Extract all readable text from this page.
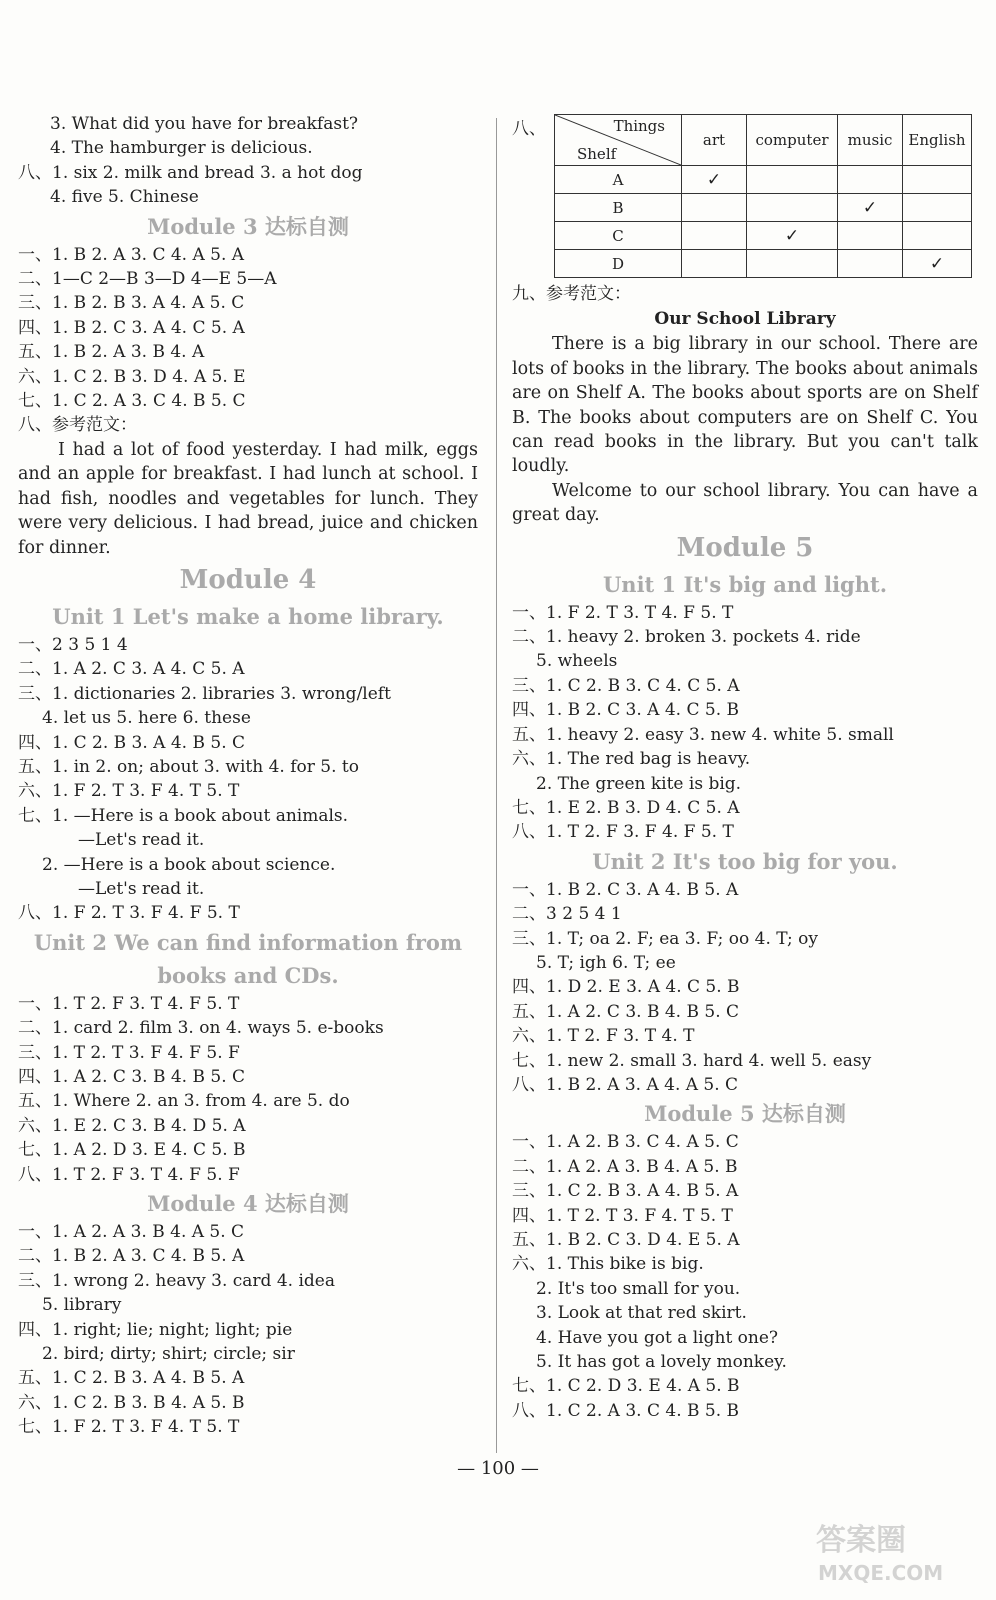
3. What did you have for breakfast?
4. The hamburger is delicious.
八、1. six 2. milk and bread 3. a hot dog
4. five 5. Chinese
Module 3 达标自测
一、1. B 2. A 3. C 4. A 5. A
二、1—C 2—B 3—D 4—E 5—A
三、1. B 2. B 3. A 4. A 5. C
四、1. B 2. C 3. A 4. C 5. A
五、1. B 2. A 3. B 4. A
六、1. C 2. B 3. D 4. A 5. E
七、1. C 2. A 3. C 4. B 5. C
八、参考范文：
I had a lot of food yesterday. I had milk, eggs and an apple for breakfast. I had lunch at school. I had fish, noodles and vegetables for lunch. They were very delicious. I had bread, juice and chicken for dinner.
Module 4
Unit 1 Let's make a home library.
一、2 3 5 1 4
二、1. A 2. C 3. A 4. C 5. A
三、1. dictionaries 2. libraries 3. wrong/left
4. let us 5. here 6. these
四、1. C 2. B 3. A 4. B 5. C
五、1. in 2. on; about 3. with 4. for 5. to
六、1. F 2. T 3. F 4. T 5. T
七、1. —Here is a book about animals.
—Let's read it.
2. —Here is a book about science.
—Let's read it.
八、1. F 2. T 3. F 4. F 5. T
Unit 2 We can find information from
books and CDs.
一、1. T 2. F 3. T 4. F 5. T
二、1. card 2. film 3. on 4. ways 5. e-books
三、1. T 2. T 3. F 4. F 5. F
四、1. A 2. C 3. B 4. B 5. C
五、1. Where 2. an 3. from 4. are 5. do
六、1. E 2. C 3. B 4. D 5. A
七、1. A 2. D 3. E 4. C 5. B
八、1. T 2. F 3. T 4. F 5. F
Module 4 达标自测
一、1. A 2. A 3. B 4. A 5. C
二、1. B 2. A 3. C 4. B 5. A
三、1. wrong 2. heavy 3. card 4. idea
5. library
四、1. right; lie; night; light; pie
2. bird; dirty; shirt; circle; sir
五、1. C 2. B 3. A 4. B 5. A
六、1. C 2. B 3. B 4. A 5. B
七、1. F 2. T 3. F 4. T 5. T
八、	Things
Shelf	art	computer	music	English
A	✓			
B			✓	
C		✓		
D				✓
九、参考范文：
Our School Library
There is a big library in our school. There are lots of books in the library. The books about animals are on Shelf A. The books about sports are on Shelf B. The books about computers are on Shelf C. You can read books in the library. But you can't talk loudly.
Welcome to our school library. You can have a great day.
Module 5
Unit 1 It's big and light.
一、1. F 2. T 3. T 4. F 5. T
二、1. heavy 2. broken 3. pockets 4. ride
5. wheels
三、1. C 2. B 3. C 4. C 5. A
四、1. B 2. C 3. A 4. C 5. B
五、1. heavy 2. easy 3. new 4. white 5. small
六、1. The red bag is heavy.
2. The green kite is big.
七、1. E 2. B 3. D 4. C 5. A
八、1. T 2. F 3. F 4. F 5. T
Unit 2 It's too big for you.
一、1. B 2. C 3. A 4. B 5. A
二、3 2 5 4 1
三、1. T; oa 2. F; ea 3. F; oo 4. T; oy
5. T; igh 6. T; ee
四、1. D 2. E 3. A 4. C 5. B
五、1. A 2. C 3. B 4. B 5. C
六、1. T 2. F 3. T 4. T
七、1. new 2. small 3. hard 4. well 5. easy
八、1. B 2. A 3. A 4. A 5. C
Module 5 达标自测
一、1. A 2. B 3. C 4. A 5. C
二、1. A 2. A 3. B 4. A 5. B
三、1. C 2. B 3. A 4. B 5. A
四、1. T 2. T 3. F 4. T 5. T
五、1. B 2. C 3. D 4. E 5. A
六、1. This bike is big.
2. It's too small for you.
3. Look at that red skirt.
4. Have you got a light one?
5. It has got a lovely monkey.
七、1. C 2. D 3. E 4. A 5. B
八、1. C 2. A 3. C 4. B 5. B
— 100 —
答案圈
MXQE.COM
